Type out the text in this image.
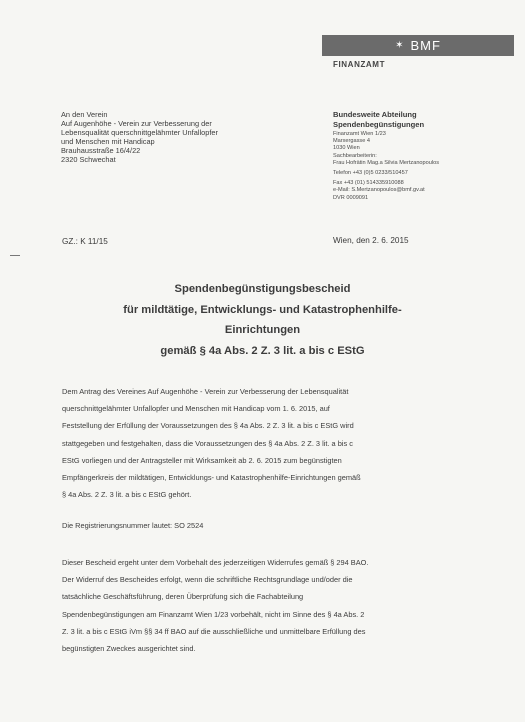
✶ BMF
FINANZAMT
An den Verein
Auf Augenhöhe - Verein zur Verbesserung der
Lebensqualität querschnittgelähmter Unfallopfer
und Menschen mit Handicap
Brauhausstraße 16/4/22
2320 Schwechat
Bundesweite Abteilung
Spendenbegünstigungen
Finanzamt Wien 1/23
Marxergasse 4
1030 Wien
Sachbearbeiterin:
Frau Hofrätin Mag.a Silvia Mertzanopoulos
Telefon +43 (0)5 0233/510457
Fax +43 (01) 514335910088
e-Mail: S.Mertzanopoulos@bmf.gv.at
DVR 0009091
GZ.: K 11/15	Wien, den 2. 6. 2015
Spendenbegünstigungsbescheid
für mildtätige, Entwicklungs- und Katastrophenhilfe-
Einrichtungen
gemäß § 4a Abs. 2 Z. 3 lit. a bis c EStG
Dem Antrag des Vereines Auf Augenhöhe - Verein zur Verbesserung der Lebensqualität
querschnittgelähmter Unfallopfer und Menschen mit Handicap vom 1. 6. 2015, auf
Feststellung der Erfüllung der Voraussetzungen des § 4a Abs. 2 Z. 3 lit. a bis c EStG wird
stattgegeben und festgehalten, dass die Voraussetzungen des § 4a Abs. 2 Z. 3 lit. a bis c
EStG vorliegen und der Antragsteller mit Wirksamkeit ab 2. 6. 2015 zum begünstigten
Empfängerkreis der mildtätigen, Entwicklungs- und Katastrophenhilfe-Einrichtungen gemäß
§ 4a Abs. 2 Z. 3 lit. a bis c EStG gehört.
Die Registrierungsnummer lautet: SO 2524
Dieser Bescheid ergeht unter dem Vorbehalt des jederzeitigen Widerrufes gemäß § 294 BAO.
Der Widerruf des Bescheides erfolgt, wenn die schriftliche Rechtsgrundlage und/oder die
tatsächliche Geschäftsführung, deren Überprüfung sich die Fachabteilung
Spendenbegünstigungen am Finanzamt Wien 1/23 vorbehält, nicht im Sinne des § 4a Abs. 2
Z. 3 lit. a bis c EStG iVm §§ 34 ff BAO auf die ausschließliche und unmittelbare Erfüllung des
begünstigten Zweckes ausgerichtet sind.
